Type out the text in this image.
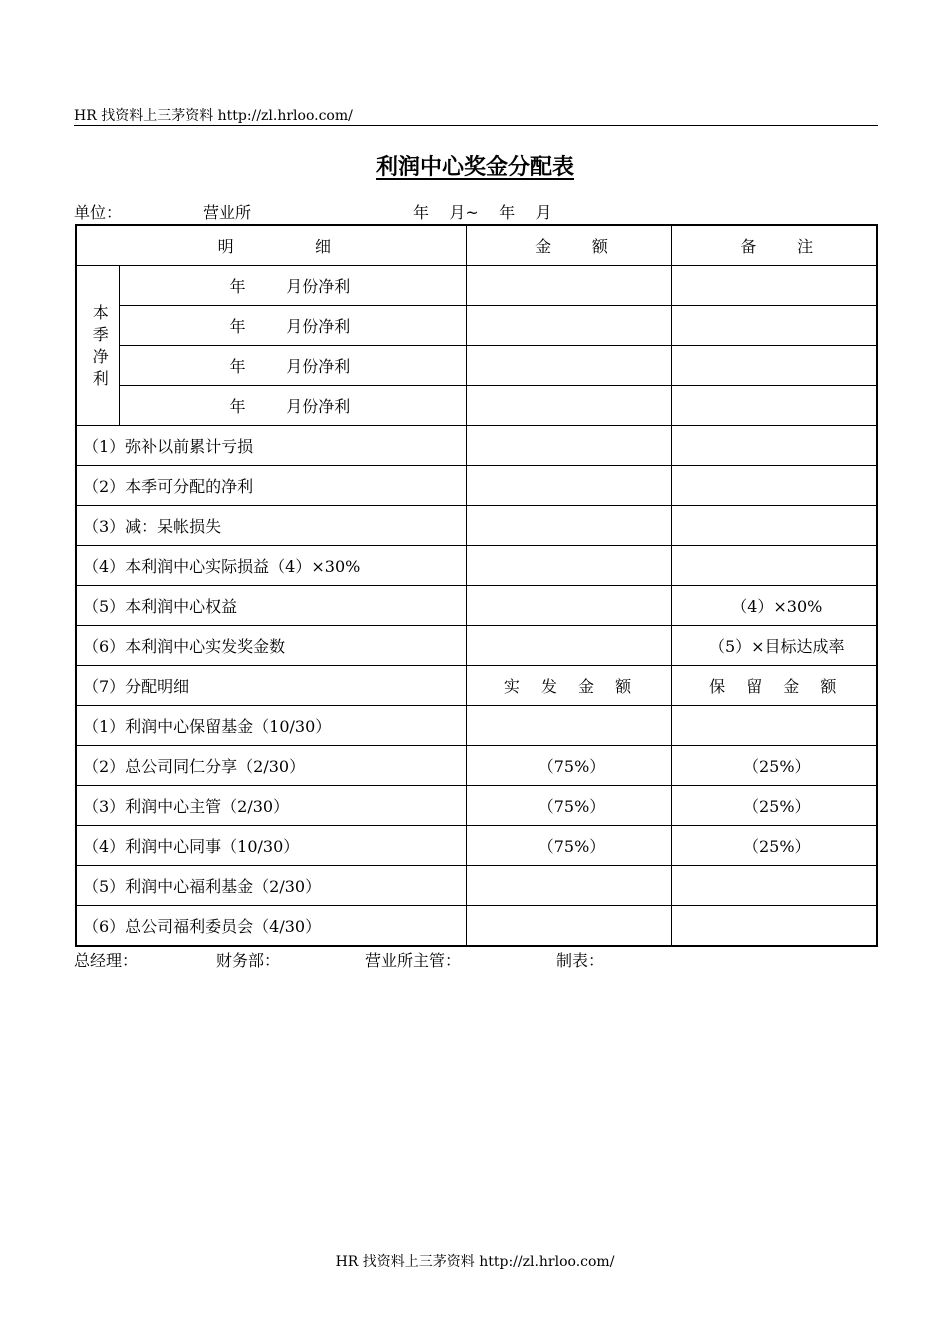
HR 找资料上三茅资料 http://zl.hrloo.com/
利润中心奖金分配表
单位：	营业所	年    月~    年    月
明                细		金        额	备        注

本
季
净
利	年        月份净利		
	年        月份净利		
	年        月份净利		
	年        月份净利		
（1）弥补以前累计亏损			
（2）本季可分配的净利			
（3）减：呆帐损失			
（4）本利润中心实际损益（4）×30%			
（5）本利润中心权益			（4）×30%
（6）本利润中心实发奖金数			（5）×目标达成率
（7）分配明细		实 发 金 额	保 留 金 额
（1）利润中心保留基金（10/30）			
（2）总公司同仁分享（2/30）		（75%）	（25%）
（3）利润中心主管（2/30）		（75%）	（25%）
（4）利润中心同事（10/30）		（75%）	（25%）
（5）利润中心福利基金（2/30）			
（6）总公司福利委员会（4/30）			
总经理：	财务部：	营业所主管：	制表：
HR 找资料上三茅资料 http://zl.hrloo.com/
